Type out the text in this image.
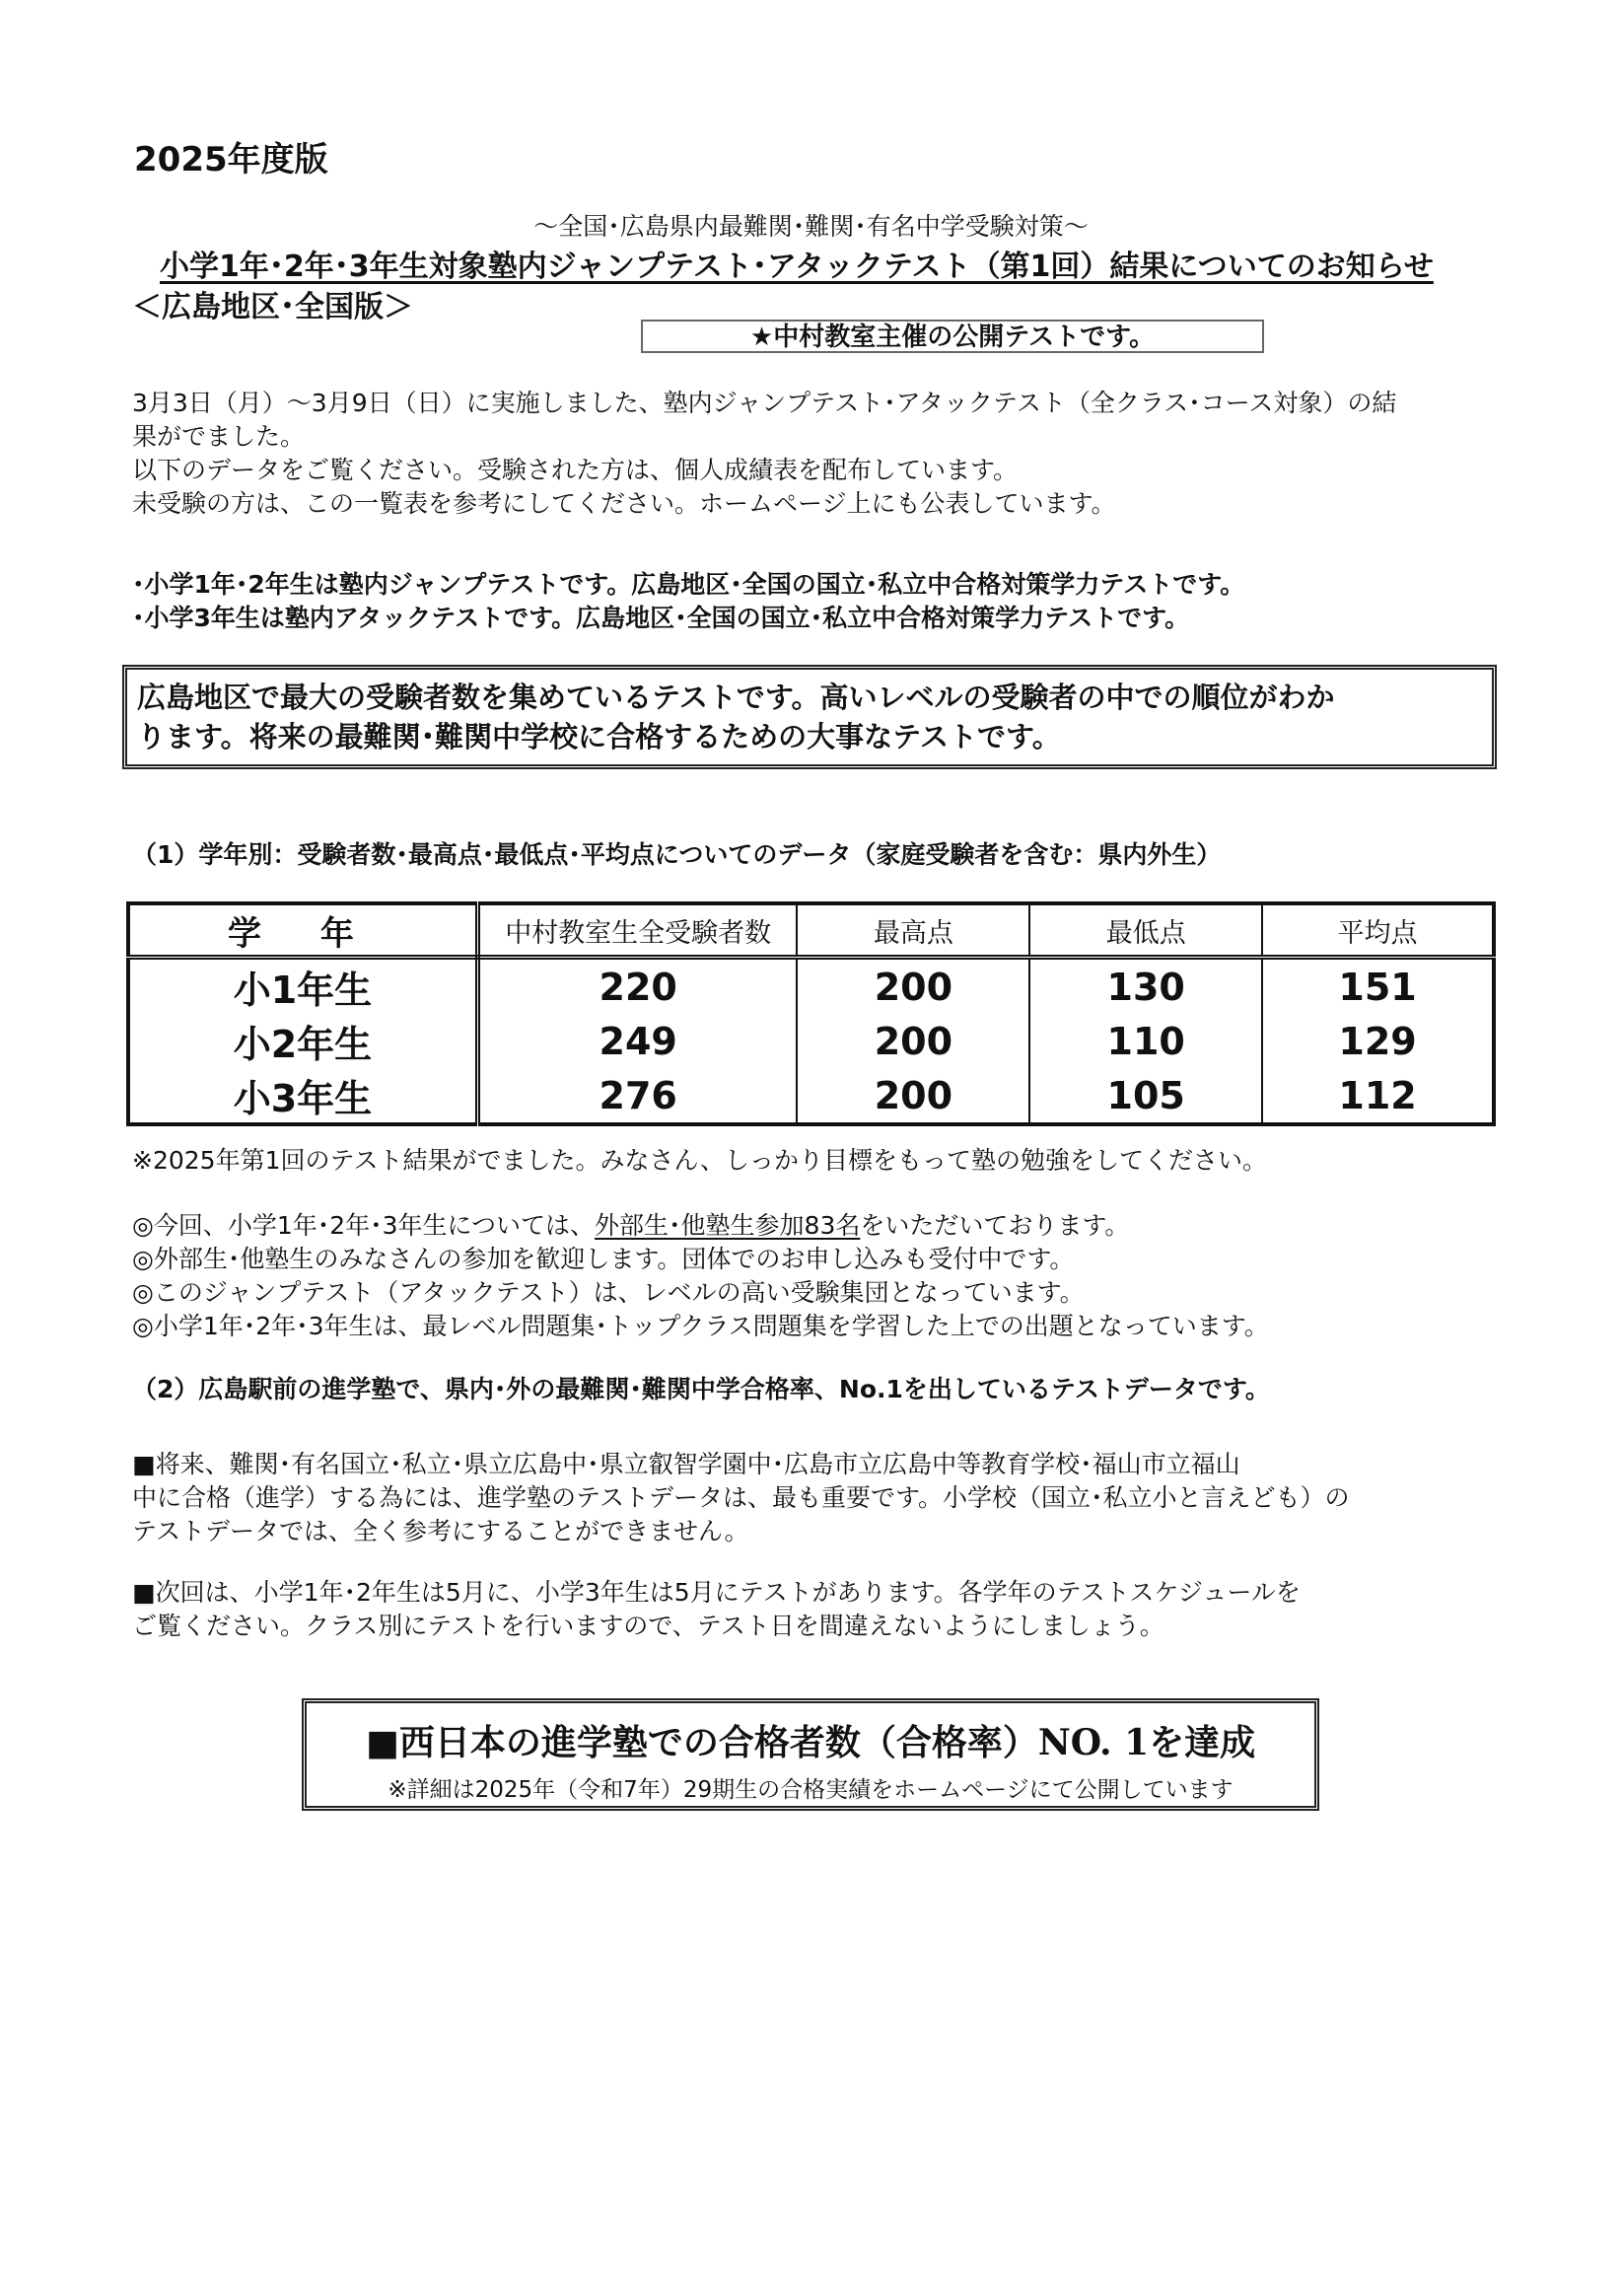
2025年度版
～全国･広島県内最難関･難関･有名中学受験対策～
小学1年･2年･3年生対象塾内ジャンプテスト･アタックテスト（第1回）結果についてのお知らせ
＜広島地区･全国版＞
★中村教室主催の公開テストです。
3月3日（月）～3月9日（日）に実施しました、塾内ジャンプテスト･アタックテスト（全クラス･コース対象）の結
果がでました。
以下のデータをご覧ください。受験された方は、個人成績表を配布しています。
未受験の方は、この一覧表を参考にしてください。ホームページ上にも公表しています。
･小学1年･2年生は塾内ジャンプテストです。広島地区･全国の国立･私立中合格対策学力テストです。
･小学3年生は塾内アタックテストです。広島地区･全国の国立･私立中合格対策学力テストです。
広島地区で最大の受験者数を集めているテストです。高いレベルの受験者の中での順位がわか
ります。将来の最難関･難関中学校に合格するための大事なテストです。
（1）学年別：受験者数･最高点･最低点･平均点についてのデータ（家庭受験者を含む：県内外生）
学 年	中村教室生全受験者数	最高点	最低点	平均点
小1年生	220	200	130	151
小2年生	249	200	110	129
小3年生	276	200	105	112
※2025年第1回のテスト結果がでました。みなさん、しっかり目標をもって塾の勉強をしてください。
◎今回、小学1年･2年･3年生については、外部生･他塾生参加83名をいただいております。
◎外部生･他塾生のみなさんの参加を歓迎します。団体でのお申し込みも受付中です。
◎このジャンプテスト（アタックテスト）は、レベルの高い受験集団となっています。
◎小学1年･2年･3年生は、最レベル問題集･トップクラス問題集を学習した上での出題となっています。
（2）広島駅前の進学塾で、県内･外の最難関･難関中学合格率、No.1を出しているテストデータです。
■将来、難関･有名国立･私立･県立広島中･県立叡智学園中･広島市立広島中等教育学校･福山市立福山
中に合格（進学）する為には、進学塾のテストデータは、最も重要です。小学校（国立･私立小と言えども）の
テストデータでは、全く参考にすることができません。
■次回は、小学1年･2年生は5月に、小学3年生は5月にテストがあります。各学年のテストスケジュールを
ご覧ください。クラス別にテストを行いますので、テスト日を間違えないようにしましょう。
■西日本の進学塾での合格者数（合格率）NO. 1を達成
※詳細は2025年（令和7年）29期生の合格実績をホームページにて公開しています
